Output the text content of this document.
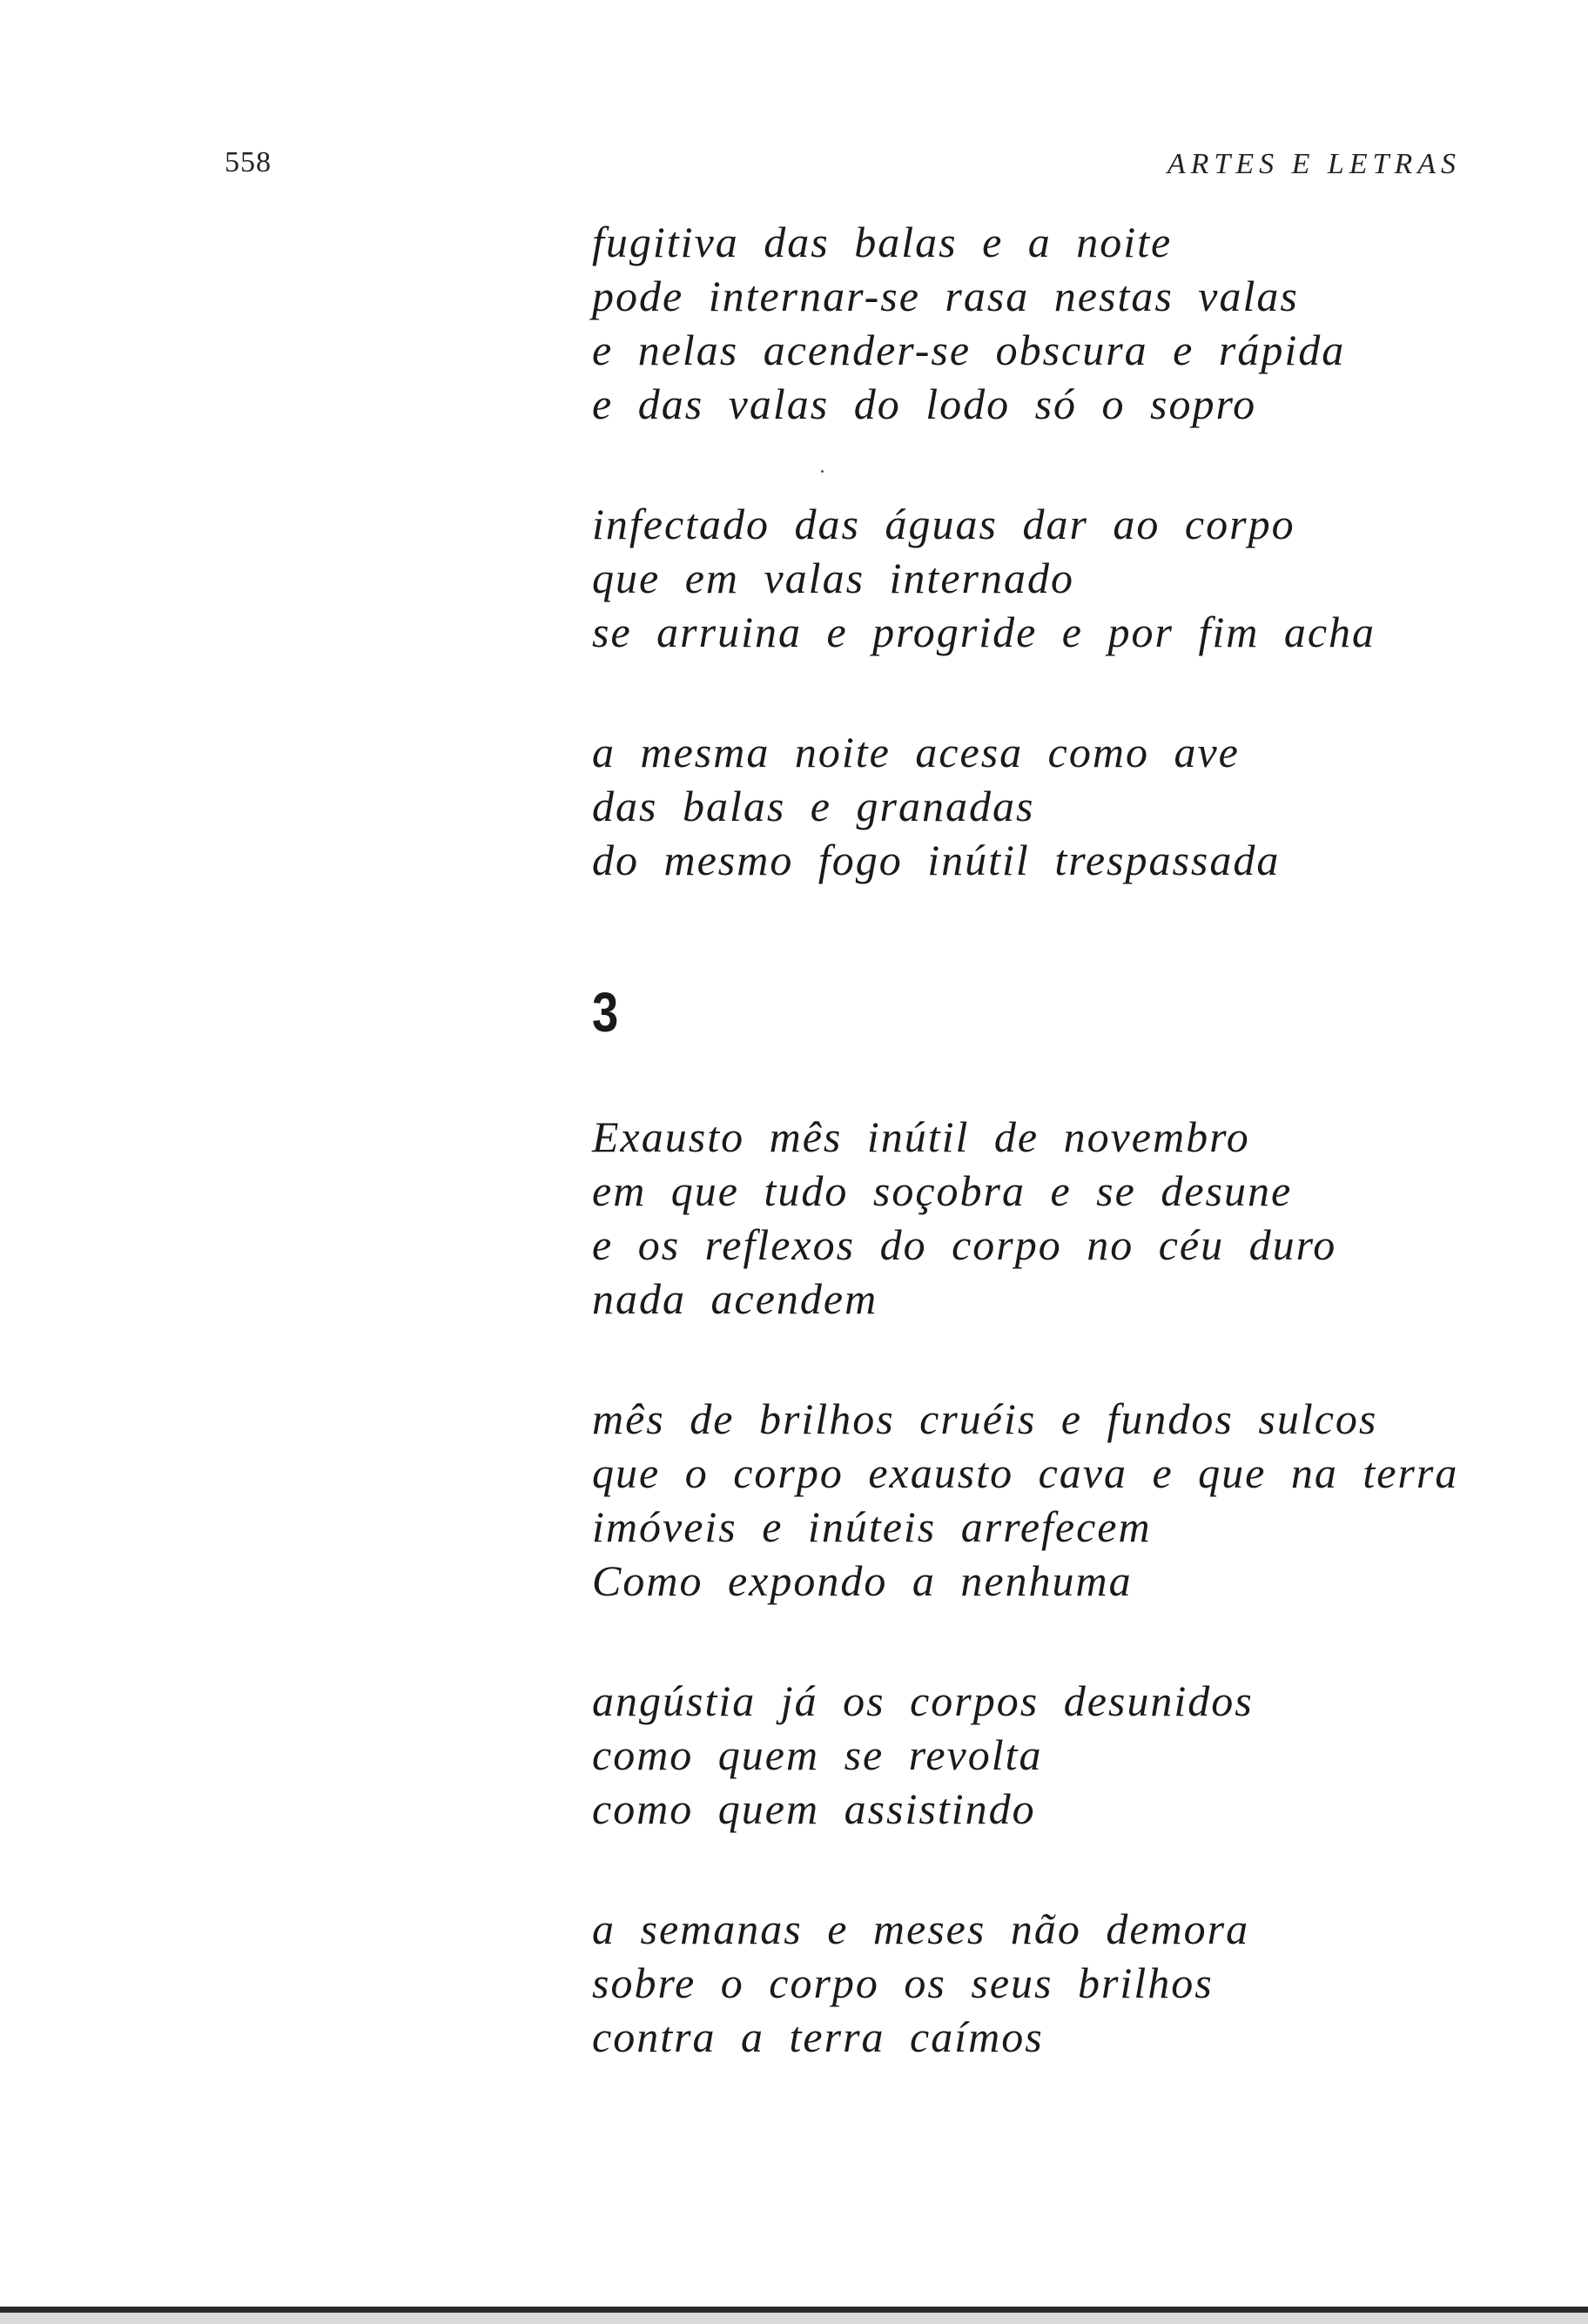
558	ARTES E LETRAS
fugitiva das balas e a noite
pode internar-se rasa nestas valas
e nelas acender-se obscura e rápida
e das valas do lodo só o sopro
infectado das águas dar ao corpo
que em valas internado
se arruina e progride e por fim acha
a mesma noite acesa como ave
das balas e granadas
do mesmo fogo inútil trespassada
3
Exausto mês inútil de novembro
em que tudo soçobra e se desune
e os reflexos do corpo no céu duro
nada acendem
mês de brilhos cruéis e fundos sulcos
que o corpo exausto cava e que na terra
imóveis e inúteis arrefecem
Como expondo a nenhuma
angústia já os corpos desunidos
como quem se revolta
como quem assistindo
a semanas e meses não demora
sobre o corpo os seus brilhos
contra a terra caímos
